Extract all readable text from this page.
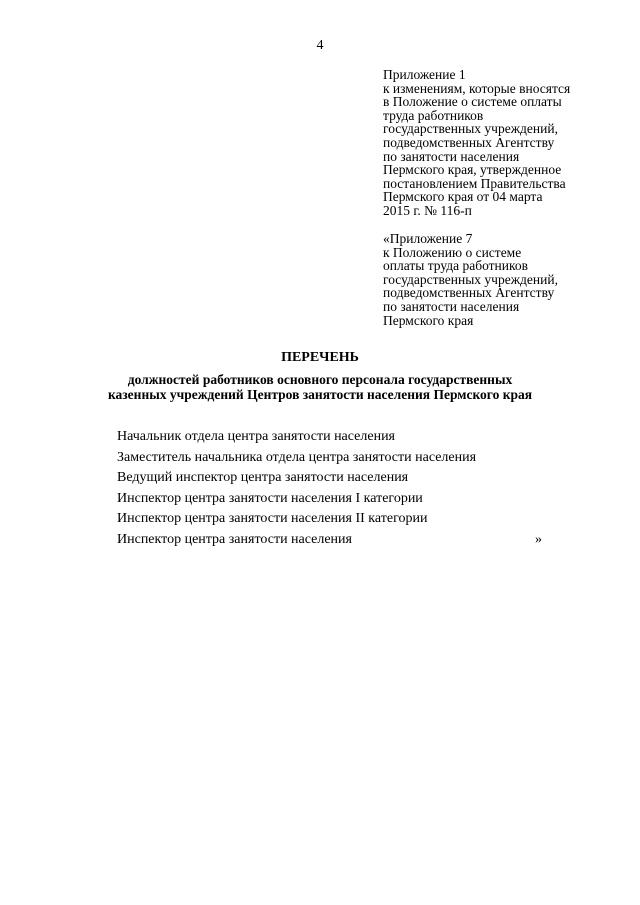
4
Приложение 1
к изменениям, которые вносятся
в Положение о системе оплаты
труда работников
государственных учреждений,
подведомственных Агентству
по занятости населения
Пермского края, утвержденное
постановлением Правительства
Пермского края от 04 марта
2015 г. № 116-п
«Приложение 7
к Положению о системе
оплаты труда работников
государственных учреждений,
подведомственных Агентству
по занятости населения
Пермского края
ПЕРЕЧЕНЬ
должностей работников основного персонала государственных
казенных учреждений Центров занятости населения Пермского края
Начальник отдела центра занятости населения
Заместитель начальника отдела центра занятости населения
Ведущий инспектор центра занятости населения
Инспектор центра занятости населения I категории
Инспектор центра занятости населения II категории
Инспектор центра занятости населения	»
